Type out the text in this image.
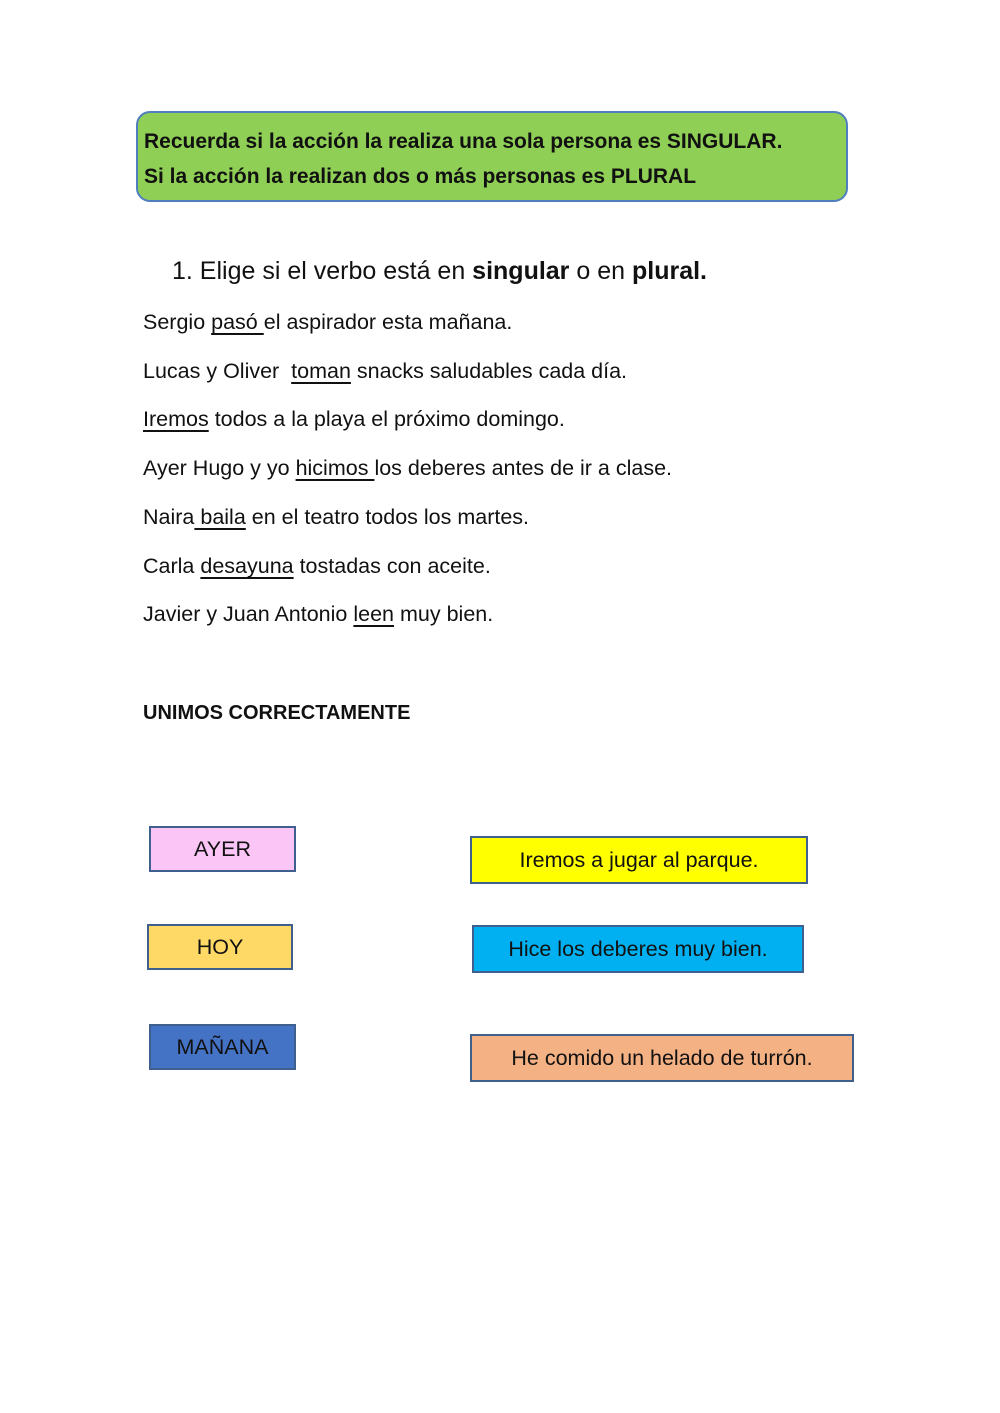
Recuerda si la acción la realiza una sola persona es SINGULAR.

Si la acción la realizan dos o más personas es PLURAL

1. Elige si el verbo está en singular o en plural.
Sergio pasó el aspirador esta mañana.
Lucas y Oliver  toman snacks saludables cada día.
Iremos todos a la playa el próximo domingo.
Ayer Hugo y yo hicimos los deberes antes de ir a clase.
Naira baila en el teatro todos los martes.
Carla desayuna tostadas con aceite.
Javier y Juan Antonio leen muy bien.
UNIMOS CORRECTAMENTE
AYER
HOY
MAÑANA
Iremos a jugar al parque.
Hice los deberes muy bien.
He comido un helado de turrón.
